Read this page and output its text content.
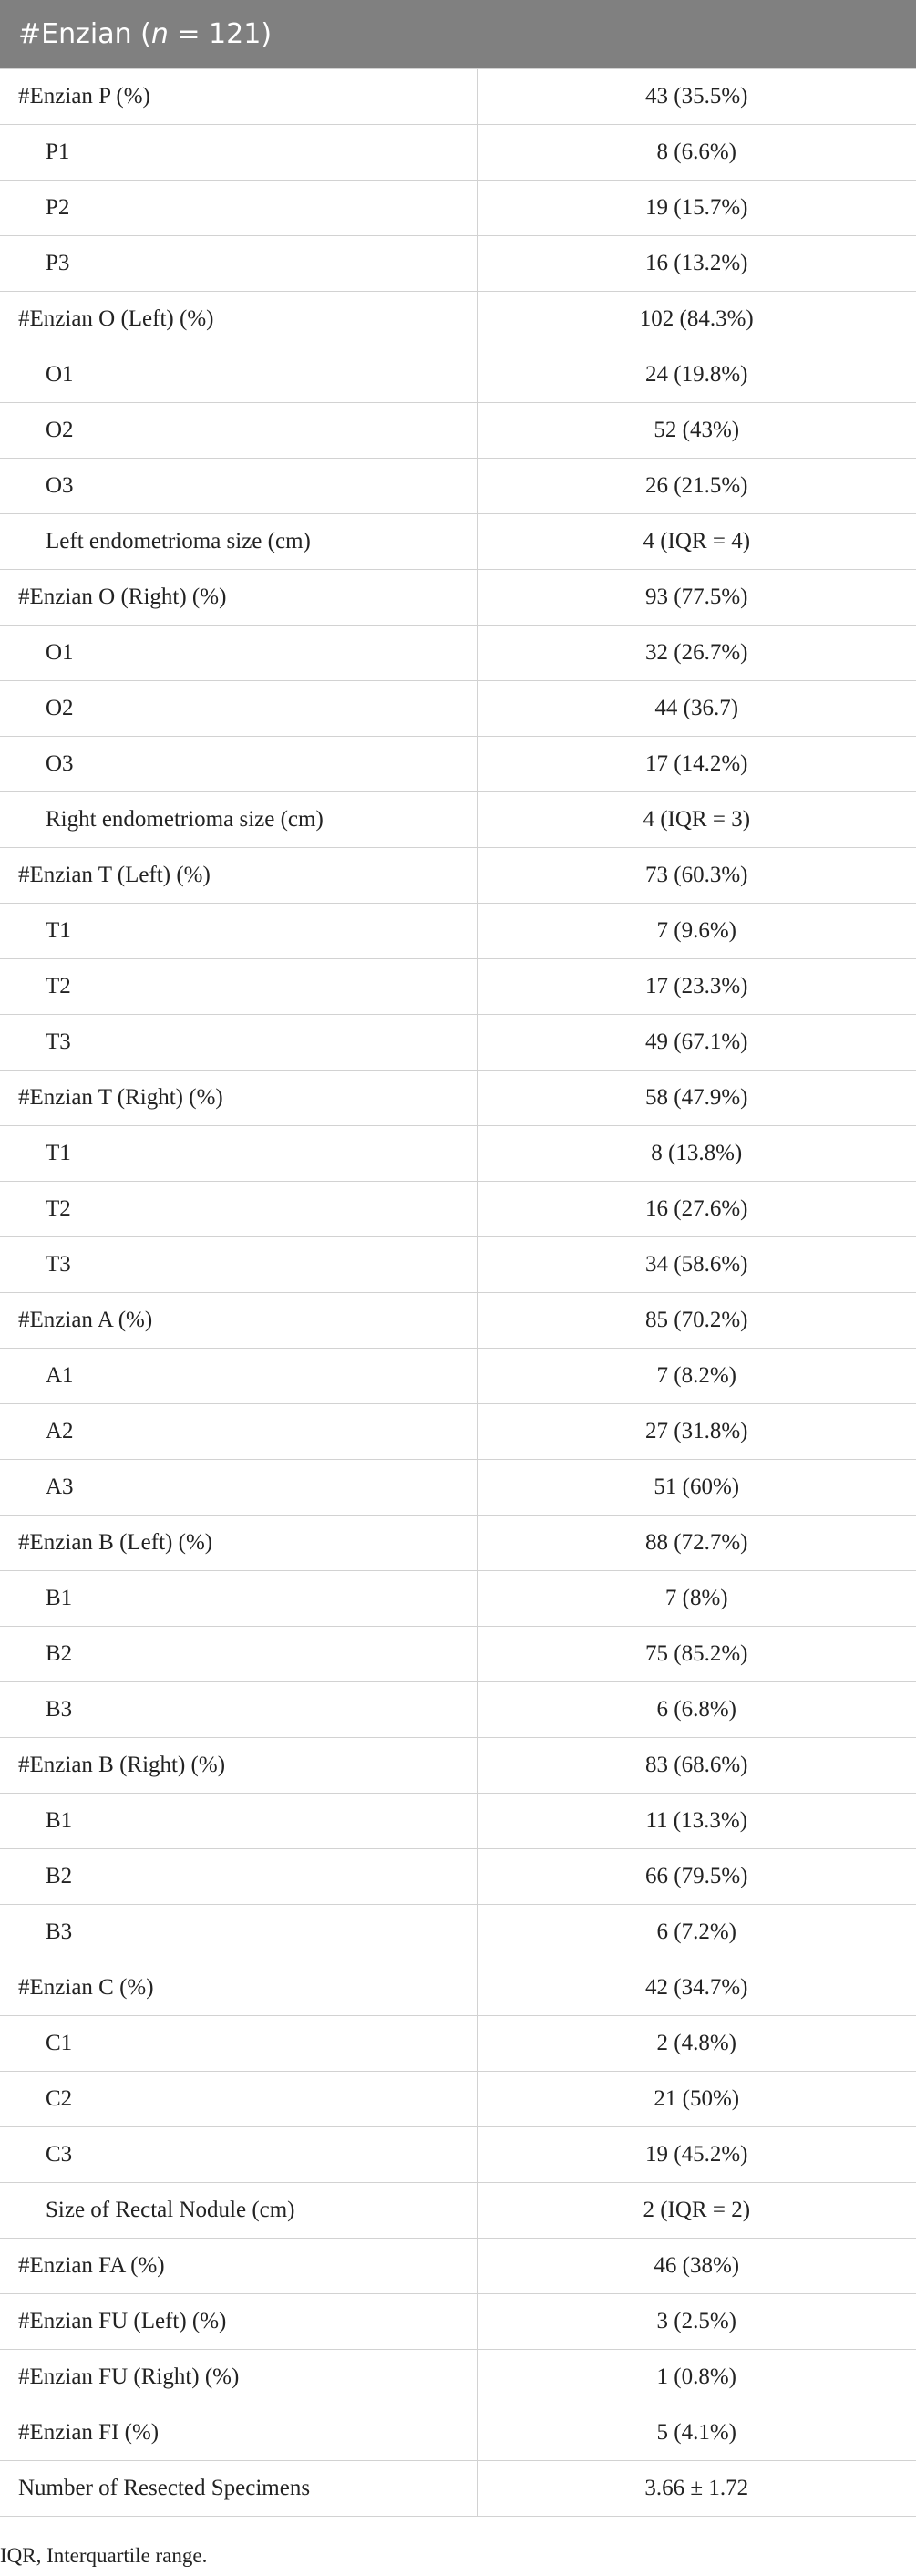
#Enzian (n = 121)	
#Enzian P (%)	43 (35.5%)
P1	8 (6.6%)
P2	19 (15.7%)
P3	16 (13.2%)
#Enzian O (Left) (%)	102 (84.3%)
O1	24 (19.8%)
O2	52 (43%)
O3	26 (21.5%)
Left endometrioma size (cm)	4 (IQR = 4)
#Enzian O (Right) (%)	93 (77.5%)
O1	32 (26.7%)
O2	44 (36.7)
O3	17 (14.2%)
Right endometrioma size (cm)	4 (IQR = 3)
#Enzian T (Left) (%)	73 (60.3%)
T1	7 (9.6%)
T2	17 (23.3%)
T3	49 (67.1%)
#Enzian T (Right) (%)	58 (47.9%)
T1	8 (13.8%)
T2	16 (27.6%)
T3	34 (58.6%)
#Enzian A (%)	85 (70.2%)
A1	7 (8.2%)
A2	27 (31.8%)
A3	51 (60%)
#Enzian B (Left) (%)	88 (72.7%)
B1	7 (8%)
B2	75 (85.2%)
B3	6 (6.8%)
#Enzian B (Right) (%)	83 (68.6%)
B1	11 (13.3%)
B2	66 (79.5%)
B3	6 (7.2%)
#Enzian C (%)	42 (34.7%)
C1	2 (4.8%)
C2	21 (50%)
C3	19 (45.2%)
Size of Rectal Nodule (cm)	2 (IQR = 2)
#Enzian FA (%)	46 (38%)
#Enzian FU (Left) (%)	3 (2.5%)
#Enzian FU (Right) (%)	1 (0.8%)
#Enzian FI (%)	5 (4.1%)
Number of Resected Specimens	3.66 ± 1.72
IQR, Interquartile range.
